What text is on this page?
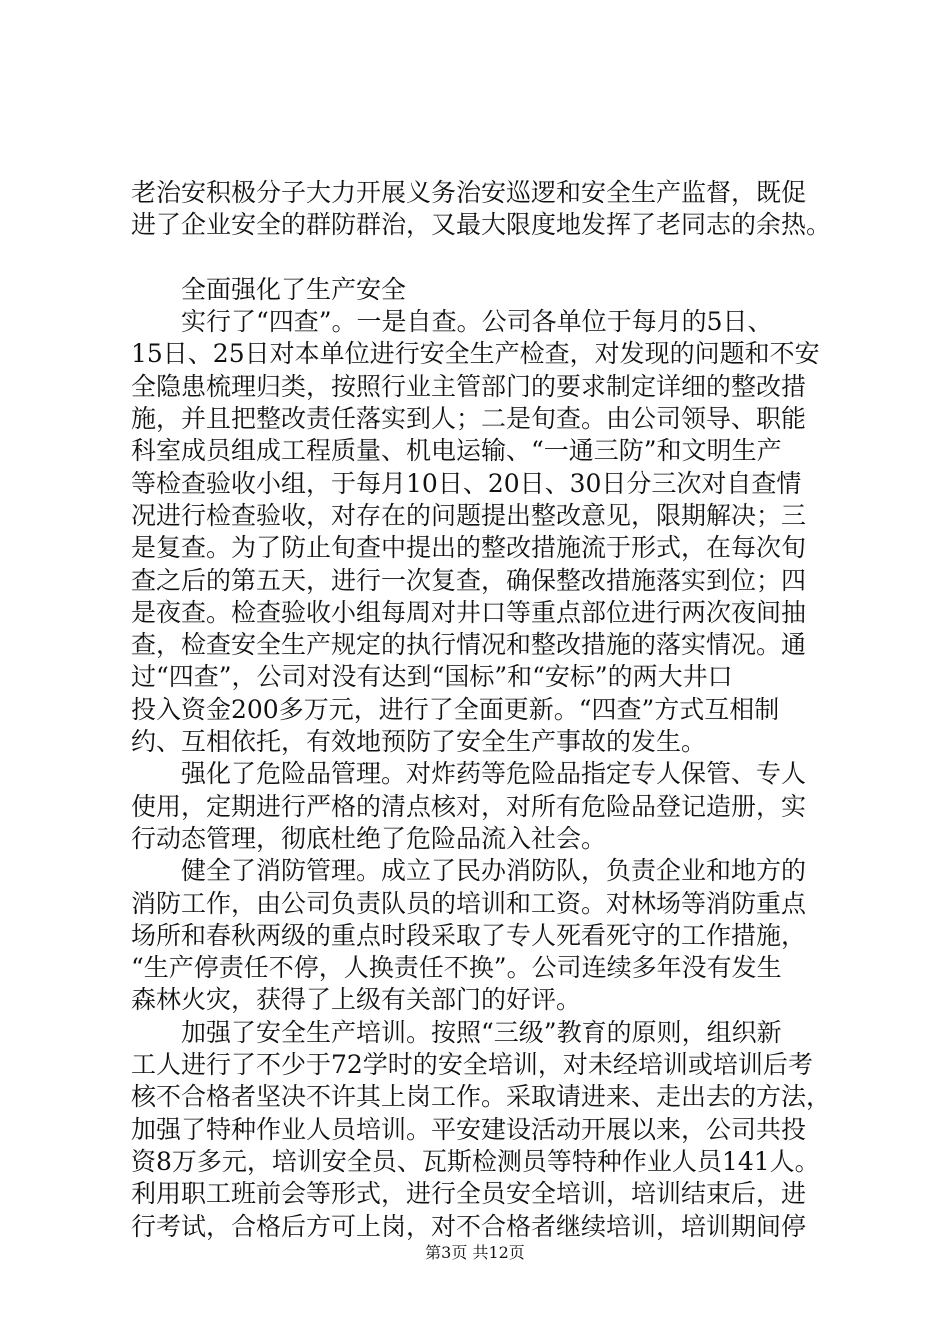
老治安积极分子大力开展义务治安巡逻和安全生产监督，既促
进了企业安全的群防群治，又最大限度地发挥了老同志的余热。
　　全面强化了生产安全
　　实行了“四查”。一是自查。公司各单位于每月的5日、
15日、25日对本单位进行安全生产检查，对发现的问题和不安
全隐患梳理归类，按照行业主管部门的要求制定详细的整改措
施，并且把整改责任落实到人；二是旬查。由公司领导、职能
科室成员组成工程质量、机电运输、“一通三防”和文明生产
等检查验收小组，于每月10日、20日、30日分三次对自查情
况进行检查验收，对存在的问题提出整改意见，限期解决；三
是复查。为了防止旬查中提出的整改措施流于形式，在每次旬
查之后的第五天，进行一次复查，确保整改措施落实到位；四
是夜查。检查验收小组每周对井口等重点部位进行两次夜间抽
查，检查安全生产规定的执行情况和整改措施的落实情况。通
过“四查”，公司对没有达到“国标”和“安标”的两大井口
投入资金200多万元，进行了全面更新。“四查”方式互相制
约、互相依托，有效地预防了安全生产事故的发生。
　　强化了危险品管理。对炸药等危险品指定专人保管、专人
使用，定期进行严格的清点核对，对所有危险品登记造册，实
行动态管理，彻底杜绝了危险品流入社会。
　　健全了消防管理。成立了民办消防队，负责企业和地方的
消防工作，由公司负责队员的培训和工资。对林场等消防重点
场所和春秋两级的重点时段采取了专人死看死守的工作措施，
“生产停责任不停，人换责任不换”。公司连续多年没有发生
森林火灾，获得了上级有关部门的好评。
　　加强了安全生产培训。按照“三级”教育的原则，组织新
工人进行了不少于72学时的安全培训，对未经培训或培训后考
核不合格者坚决不许其上岗工作。采取请进来、走出去的方法，
加强了特种作业人员培训。平安建设活动开展以来，公司共投
资8万多元，培训安全员、瓦斯检测员等特种作业人员141人。
利用职工班前会等形式，进行全员安全培训，培训结束后，进
行考试，合格后方可上岗，对不合格者继续培训，培训期间停
第3页 共12页
